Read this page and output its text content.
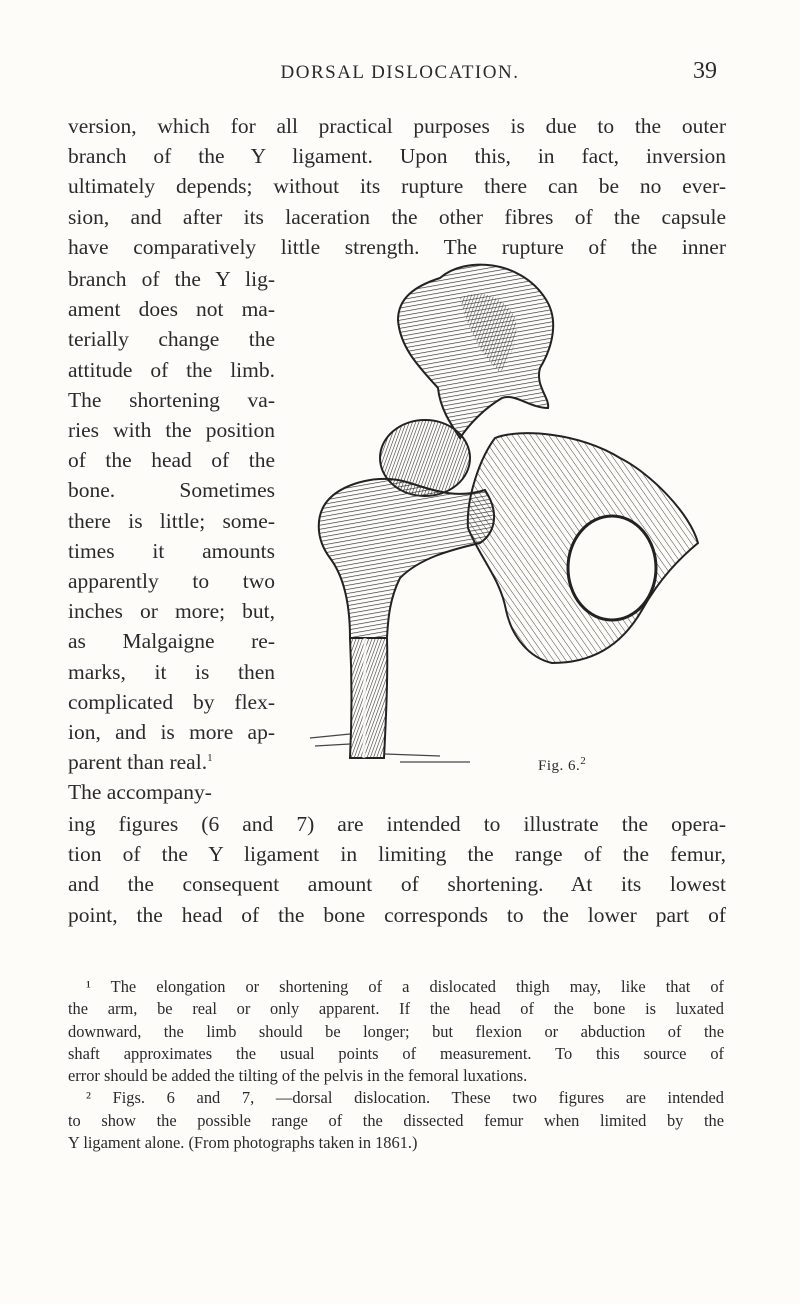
DORSAL DISLOCATION.	39
version, which for all practical purposes is due to the outer
branch of the Y ligament. Upon this, in fact, inversion
ultimately depends; without its rupture there can be no ever-
sion, and after its laceration the other fibres of the capsule
have comparatively little strength. The rupture of the inner
branch of the Y lig-
ament does not ma-
terially change the
attitude of the limb.
The shortening va-
ries with the position
of the head of the
bone. Sometimes
there is little; some-
times it amounts
apparently to two
inches or more; but,
as Malgaigne re-
marks, it is then
complicated by flex-
ion, and is more ap-
parent than real.$^1$
The accompany-
Fig. 6.$^2$
ing figures (6 and 7) are intended to illustrate the opera-
tion of the Y ligament in limiting the range of the femur,
and the consequent amount of shortening. At its lowest
point, the head of the bone corresponds to the lower part of
¹ The elongation or shortening of a dislocated thigh may, like that of
the arm, be real or only apparent. If the head of the bone is luxated
downward, the limb should be longer; but flexion or abduction of the
shaft approximates the usual points of measurement. To this source of
error should be added the tilting of the pelvis in the femoral luxations.
² Figs. 6 and 7, —dorsal dislocation. These two figures are intended
to show the possible range of the dissected femur when limited by the
Y ligament alone. (From photographs taken in 1861.)
